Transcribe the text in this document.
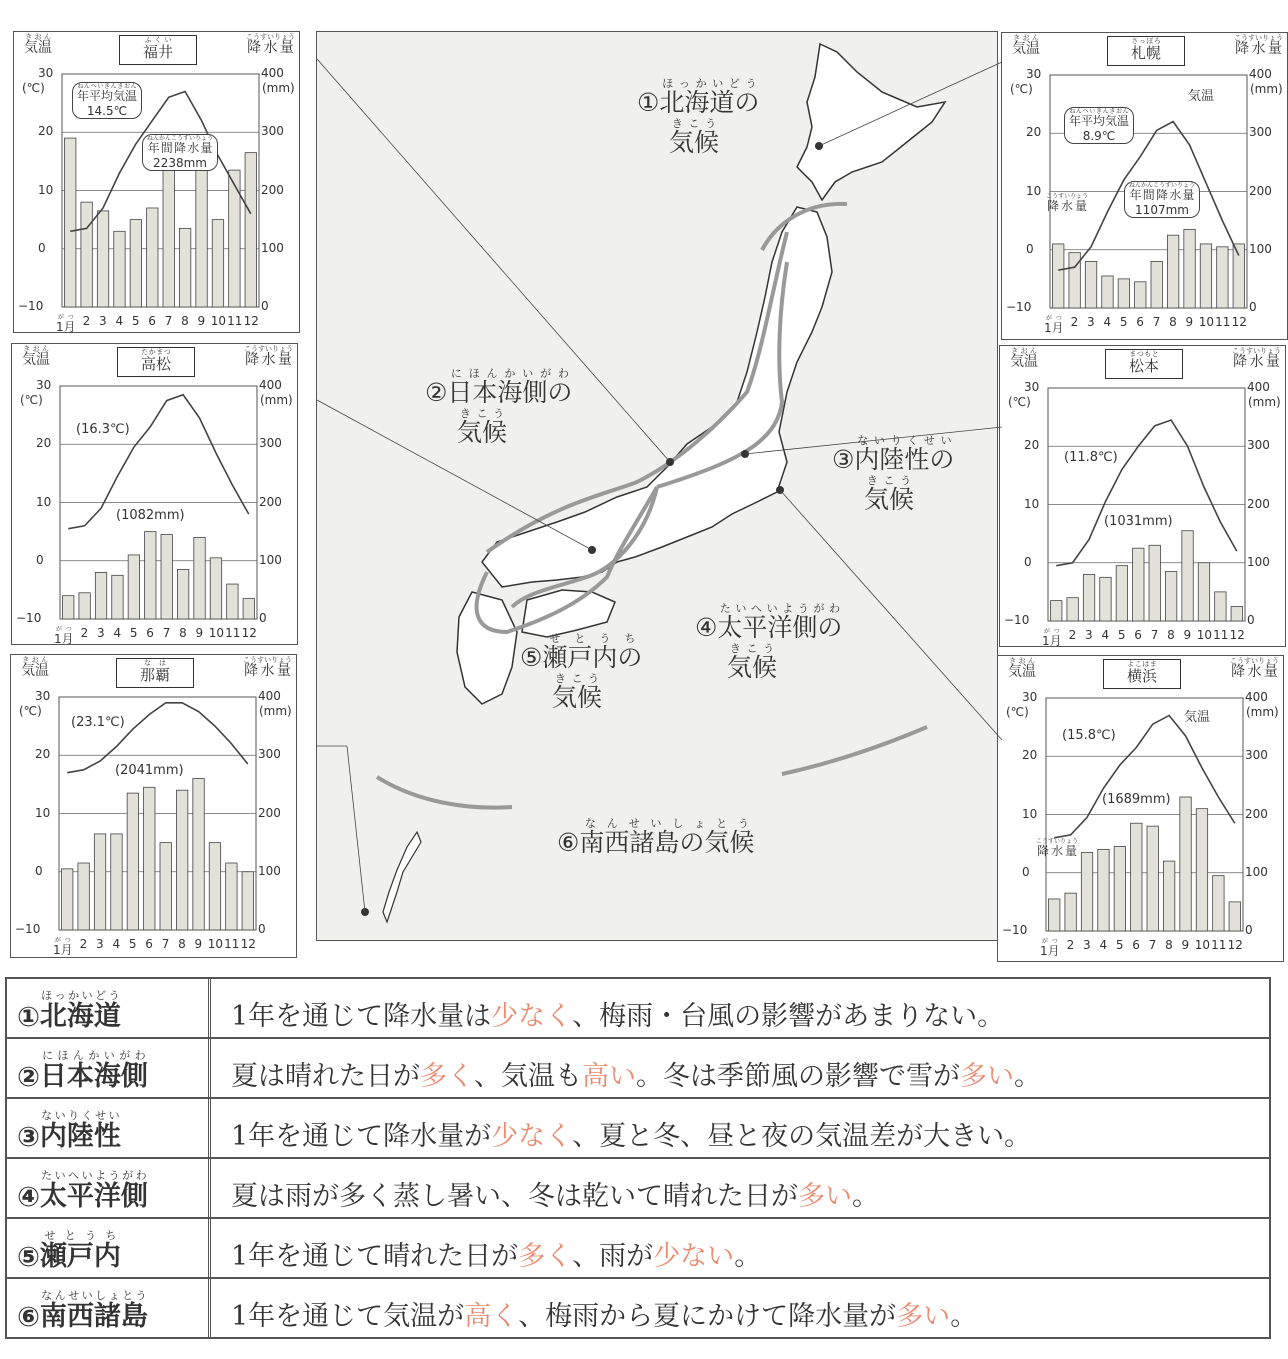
気温きおん
降水量こうすいりょう
福井ふくい
(℃)	(mm)
30
20
10
0
−10
400
300
200
100
0
1月がつ 2 3 4 5 6 7 8 9 10 11 12
年平均気温ねんへいきんきおん
14.5℃
年間降水量ねんかんこうすいりょう
2238mm
気温きおん
降水量こうすいりょう
高松たかまつ
(℃)	(mm)
30
20
10
0
−10
400
300
200
100
0
1月がつ 2 3 4 5 6 7 8 9 10 11 12
(16.3℃)
(1082mm)
気温きおん
降水量こうすいりょう
那覇なは
(℃)	(mm)
30
20
10
0
−10
400
300
200
100
0
1月がつ 2 3 4 5 6 7 8 9 10 11 12
(23.1℃)
(2041mm)
気温きおん
降水量こうすいりょう
札幌さっぽろ
(℃)	(mm)
30
20
10
0
−10
400
300
200
100
0
1月がつ 2 3 4 5 6 7 8 9 10 11 12
年平均気温ねんへいきんきおん
8.9℃
年間降水量ねんかんこうすいりょう
1107mm
気温
降水量こうすいりょう
気温きおん
降水量こうすいりょう
松本まつもと
(℃)	(mm)
30
20
10
0
−10
400
300
200
100
0
1月がつ 2 3 4 5 6 7 8 9 10 11 12
(11.8℃)
(1031mm)
気温きおん
降水量こうすいりょう
横浜よこはま
(℃)	(mm)
30
20
10
0
−10
400
300
200
100
0
1月がつ 2 3 4 5 6 7 8 9 10 11 12
(15.8℃)
(1689mm)
気温
降水量こうすいりょう
①北海道のほっかいどう
気候きこう
②日本海側のにほんかいがわ
気候きこう
③内陸性のないりくせい
気候きこう
④太平洋側のたいへいようがわ
気候きこう
⑤瀬戸内のせとうち
気候きこう
⑥南西諸島の気候なんせいしょとう
① 北海道ほっかいどう
1年を通じて降水量は 少なく 、梅雨・台風の影響があまりない。
② 日本海側にほんかいがわ
夏は晴れた日が 多く 、気温も 高い 。冬は季節風の影響で雪が 多い 。
③ 内陸性ないりくせい
1年を通じて降水量が 少なく 、夏と冬、昼と夜の気温差が大きい。
④ 太平洋側たいへいようがわ
夏は雨が多く蒸し暑い、冬は乾いて晴れた日が 多い 。
⑤ 瀬戸内せとうち
1年を通じて晴れた日が 多く 、雨が 少ない 。
⑥ 南西諸島なんせいしょとう
1年を通じて気温が 高く 、梅雨から夏にかけて降水量が 多い 。
